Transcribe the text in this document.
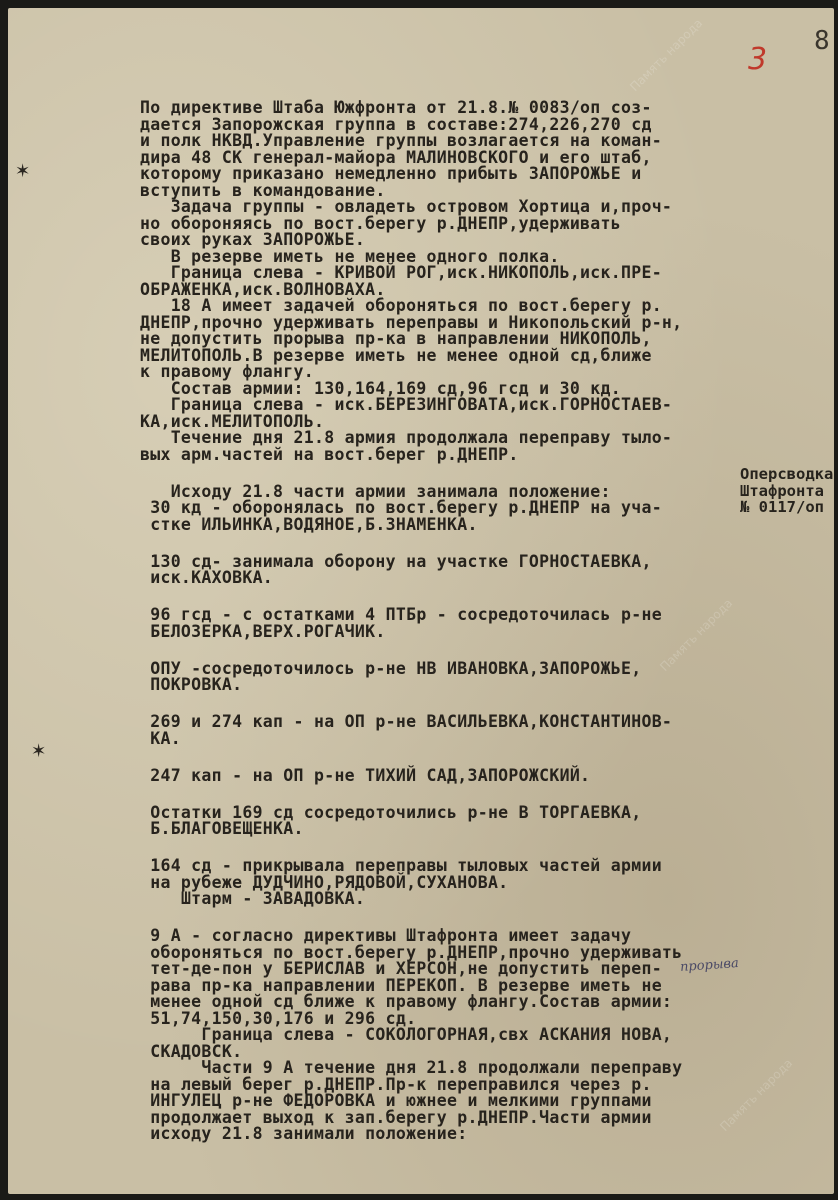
✶
✶
8
3

По директиве Штаба Южфронта от 21.8.№ 0083/оп соз-
дается Запорожская группа в составе:274,226,270 сд
и полк НКВД.Управление группы возлагается на коман-
дира 48 СК генерал-майора МАЛИНОВСКОГО и его штаб,
которому приказано немедленно прибыть ЗАПОРОЖЬЕ и
вступить в командование.

Задача группы - овладеть островом Хортица и,проч-
но обороняясь по вост.берегу р.ДНЕПР,удерживать
своих руках ЗАПОРОЖЬЕ.

В резерве иметь не менее одного полка.

Граница слева - КРИВОЙ РОГ,иск.НИКОПОЛЬ,иск.ПРЕ-
ОБРАЖЕНКА,иск.ВОЛНОВАХА.

18 А имеет задачей обороняться по вост.берегу р.
ДНЕПР,прочно удерживать переправы и Никопольский р-н,
не допустить прорыва пр-ка в направлении НИКОПОЛЬ,
МЕЛИТОПОЛЬ.В резерве иметь не менее одной сд,ближе
к правому флангу.

Состав армии: 130,164,169 сд,96 гсд и 30 кд.

Граница слева - иск.БЕРЕЗИНГОВАТА,иск.ГОРНОСТАЕВ-
КА,иск.МЕЛИТОПОЛЬ.

Течение дня 21.8 армия продолжала переправу тыло-
вых арм.частей на вост.берег р.ДНЕПР.

Исходу 21.8 части армии занимала положение:
30 кд - оборонялась по вост.берегу р.ДНЕПР на уча-
стке ИЛЬИНКА,ВОДЯНОЕ,Б.ЗНАМЕНКА.

130 сд- занимала оборону на участке ГОРНОСТАЕВКА,
иск.КАХОВКА.

96 гсд - с остатками 4 ПТБр - сосредоточилась р-не
БЕЛОЗЕРКА,ВЕРХ.РОГАЧИК.

ОПУ -сосредоточилось р-не НВ ИВАНОВКА,ЗАПОРОЖЬЕ,
ПОКРОВКА.

269 и 274 кап - на ОП р-не ВАСИЛЬЕВКА,КОНСТАНТИНОВ-
КА.

247 кап - на ОП р-не ТИХИЙ САД,ЗАПОРОЖСКИЙ.

Остатки 169 сд сосредоточились р-не В ТОРГАЕВКА,
Б.БЛАГОВЕЩЕНКА.

164 сд - прикрывала переправы тыловых частей армии
на рубеже ДУДЧИНО,РЯДОВОЙ,СУХАНОВА.
Штарм - ЗАВАДОВКА.

9 А - согласно директивы Штафронта имеет задачу
обороняться по вост.берегу р.ДНЕПР,прочно удерживать
тет-де-пон у БЕРИСЛАВ и ХЕРСОН,не допустить переп-
рава пр-ка направлении ПЕРЕКОП. В резерве иметь не
менее одной сд ближе к правому флангу.Состав армии:
51,74,150,30,176 и 296 сд.

Граница слева - СОКОЛОГОРНАЯ,свх АСКАНИЯ НОВА,
СКАДОВСК.

Части 9 А течение дня 21.8 продолжали переправу
на левый берег р.ДНЕПР.Пр-к переправился через р.
ИНГУЛЕЦ р-не ФЕДОРОВКА и южнее и мелкими группами
продолжает выход к зап.берегу р.ДНЕПР.Части армии
исходу 21.8 занимали положение:

Оперсводка
Штафронта
№ 0117/оп
прорыва
Память народа
Память народа
Память народа
